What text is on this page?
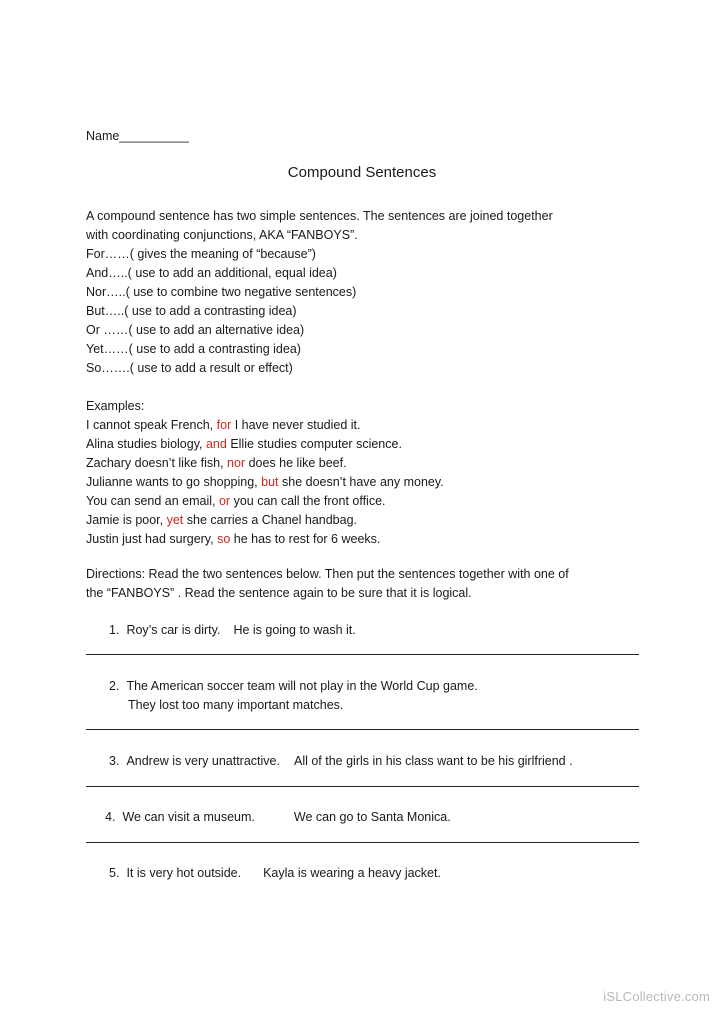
Name__________
Compound Sentences
A compound sentence has two simple sentences. The sentences are joined together
with coordinating conjunctions, AKA “FANBOYS”.
For……( gives the meaning of “because”)
And…..( use to add an additional, equal idea)
Nor…..( use to combine two negative sentences)
But…..( use to add a contrasting idea)
Or ……( use to add an alternative idea)
Yet……( use to add a contrasting idea)
So…….( use to add a result or effect)
Examples:
I cannot speak French, for I have never studied it.
Alina studies biology, and Ellie studies computer science.
Zachary doesn’t like fish, nor does he like beef.
Julianne wants to go shopping, but she doesn’t have any money.
You can send an email, or you can call the front office.
Jamie is poor, yet she carries a Chanel handbag.
Justin just had surgery, so he has to rest for 6 weeks.
Directions: Read the two sentences below. Then put the sentences together with one of
the “FANBOYS” . Read the sentence again to be sure that it is logical.
1. Roy’s car is dirty. He is going to wash it.
2. The American soccer team will not play in the World Cup game.
They lost too many important matches.
3. Andrew is very unattractive. All of the girls in his class want to be his girlfriend .
4. We can visit a museum.	We can go to Santa Monica.
5. It is very hot outside. Kayla is wearing a heavy jacket.
iSLCollective.com
